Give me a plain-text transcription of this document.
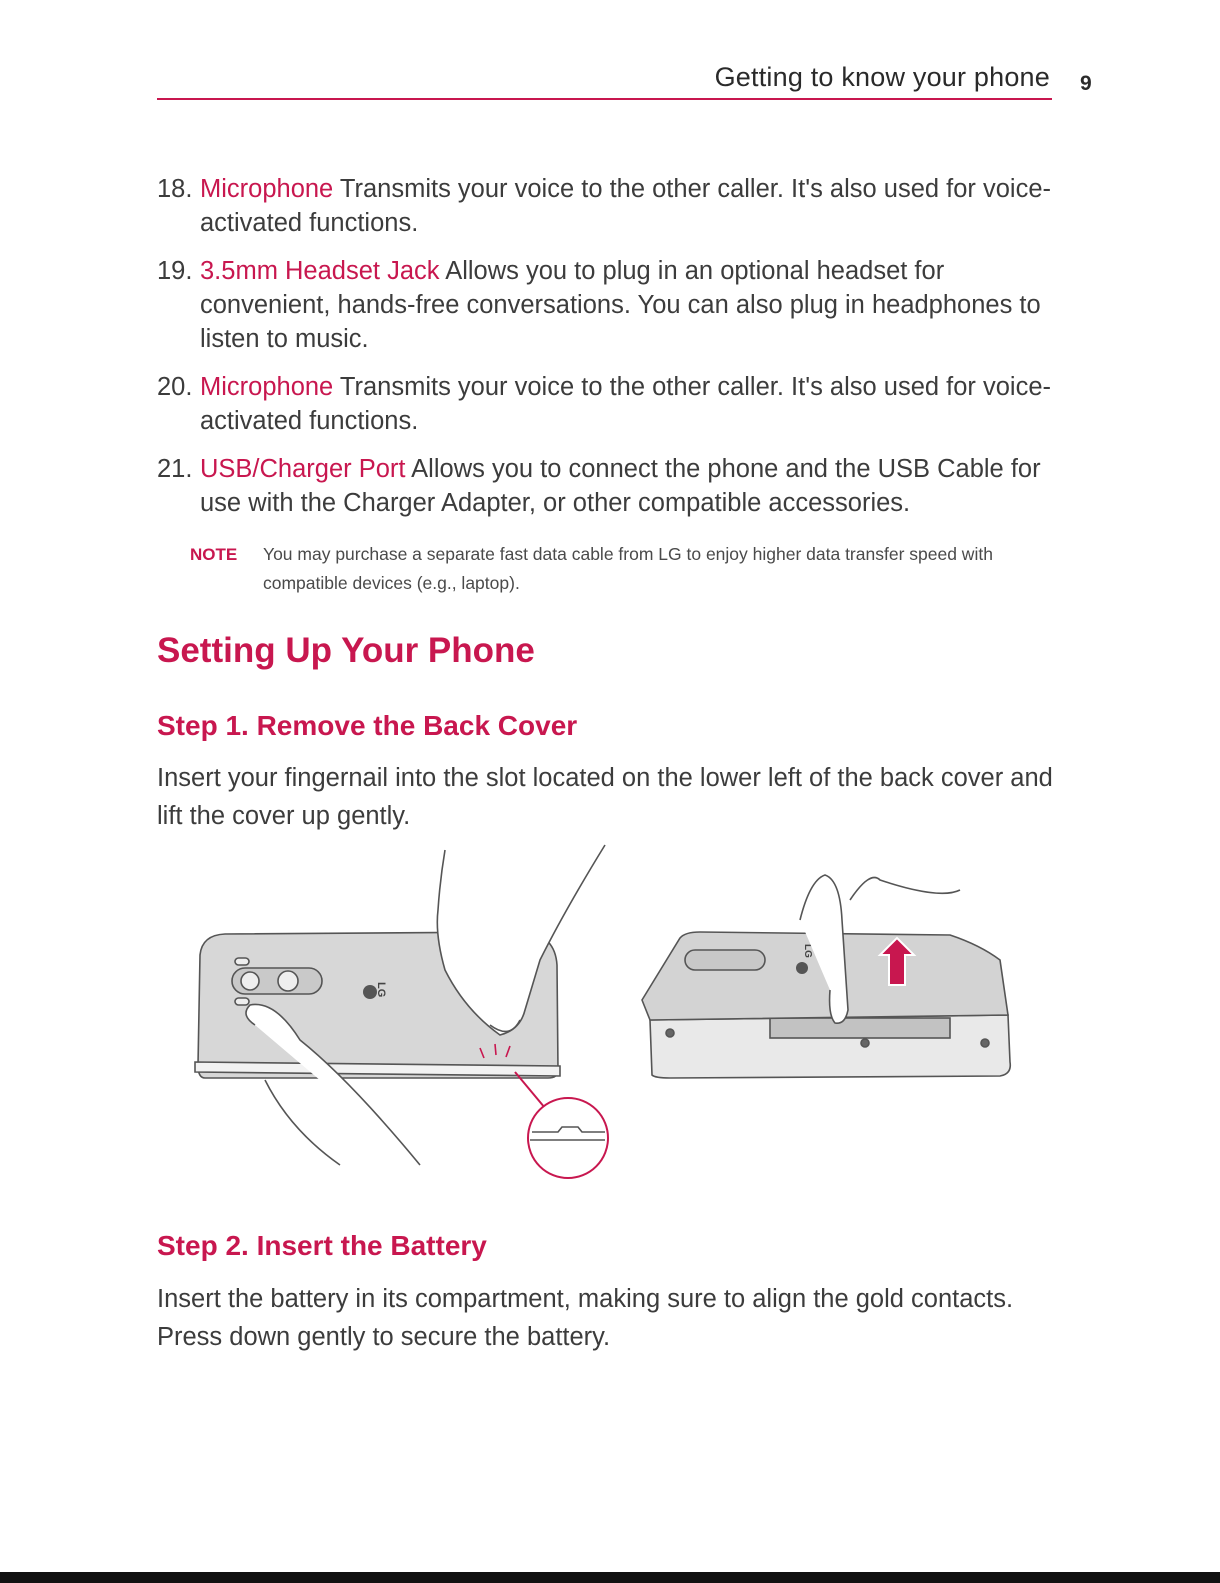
Getting to know your phone 9
18. Microphone Transmits your voice to the other caller. It's also used for voice-activated functions.
19. 3.5mm Headset Jack Allows you to plug in an optional headset for convenient, hands-free conversations. You can also plug in headphones to listen to music.
20. Microphone Transmits your voice to the other caller. It's also used for voice-activated functions.
21. USB/Charger Port Allows you to connect the phone and the USB Cable for use with the Charger Adapter, or other compatible accessories.
NOTE You may purchase a separate fast data cable from LG to enjoy higher data transfer speed with compatible devices (e.g., laptop).
Setting Up Your Phone
Step 1. Remove the Back Cover

Insert your fingernail into the slot located on the lower left of the back cover and lift the cover up gently.

LG
LG
Step 2. Insert the Battery

Insert the battery in its compartment, making sure to align the gold contacts. Press down gently to secure the battery.
